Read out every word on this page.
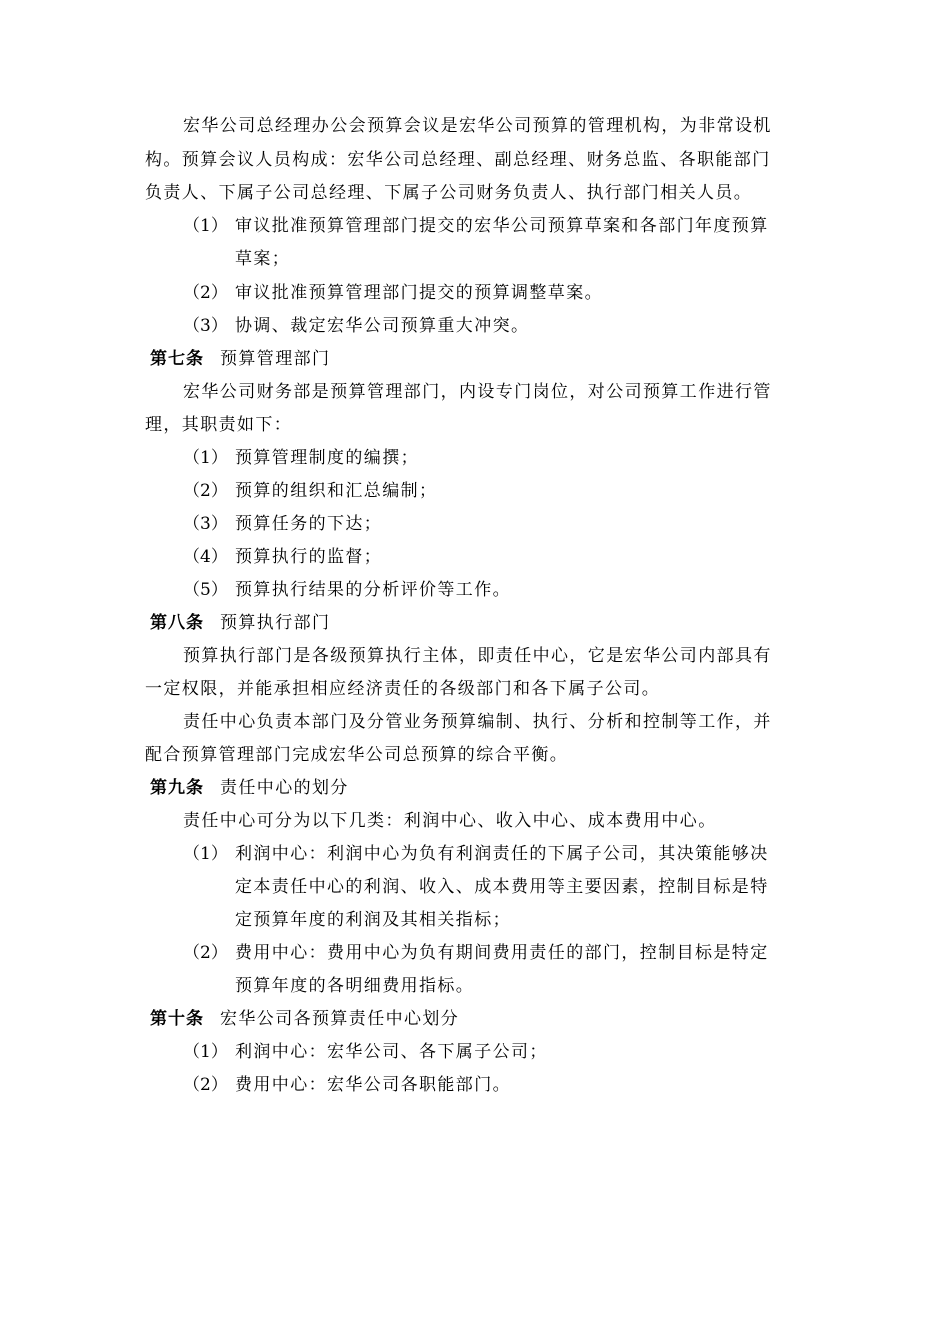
宏华公司总经理办公会预算会议是宏华公司预算的管理机构，为非常设机
构。预算会议人员构成：宏华公司总经理、副总经理、财务总监、各职能部门
负责人、下属子公司总经理、下属子公司财务负责人、执行部门相关人员。
（1） 审议批准预算管理部门提交的宏华公司预算草案和各部门年度预算
草案；
（2） 审议批准预算管理部门提交的预算调整草案。
（3） 协调、裁定宏华公司预算重大冲突。
第七条 预算管理部门
宏华公司财务部是预算管理部门，内设专门岗位，对公司预算工作进行管
理，其职责如下：
（1） 预算管理制度的编撰；
（2） 预算的组织和汇总编制；
（3） 预算任务的下达；
（4） 预算执行的监督；
（5） 预算执行结果的分析评价等工作。
第八条 预算执行部门
预算执行部门是各级预算执行主体，即责任中心，它是宏华公司内部具有
一定权限，并能承担相应经济责任的各级部门和各下属子公司。
责任中心负责本部门及分管业务预算编制、执行、分析和控制等工作，并
配合预算管理部门完成宏华公司总预算的综合平衡。
第九条 责任中心的划分
责任中心可分为以下几类：利润中心、收入中心、成本费用中心。
（1） 利润中心：利润中心为负有利润责任的下属子公司，其决策能够决
定本责任中心的利润、收入、成本费用等主要因素，控制目标是特
定预算年度的利润及其相关指标；
（2） 费用中心：费用中心为负有期间费用责任的部门，控制目标是特定
预算年度的各明细费用指标。
第十条 宏华公司各预算责任中心划分
（1） 利润中心：宏华公司、各下属子公司；
（2） 费用中心：宏华公司各职能部门。
